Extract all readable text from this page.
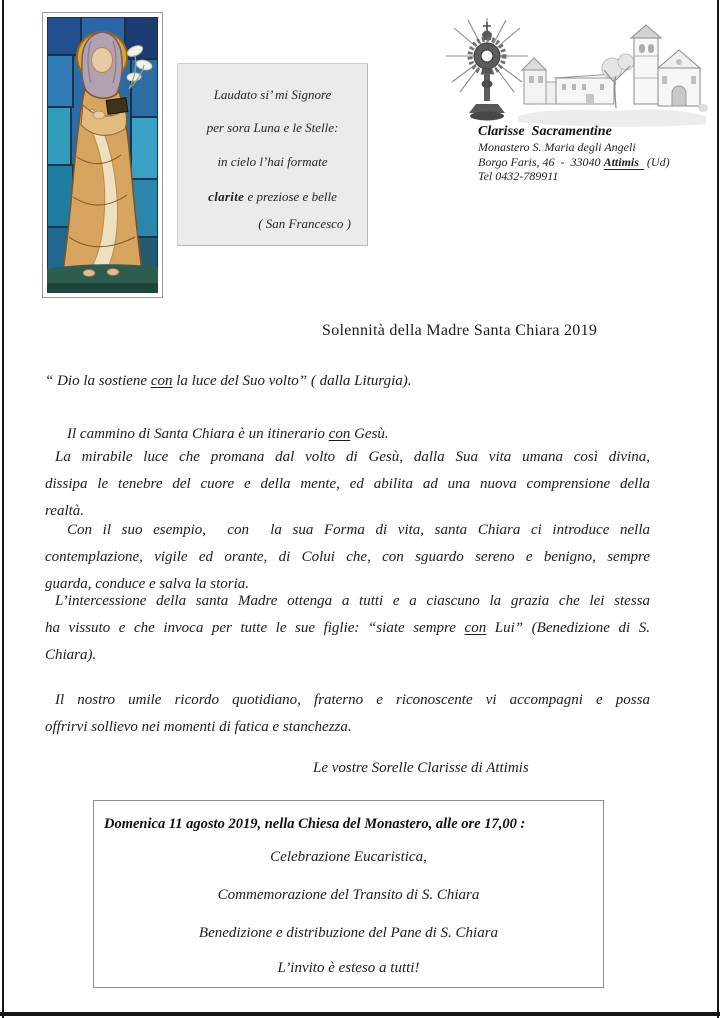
Laudato si’ mi Signore
per sora Luna e le Stelle:
in cielo l’hai formate
clarite e preziose e belle
( San Francesco )
Clarisse  Sacramentine
Monastero S. Maria degli Angeli
Borgo Faris, 46  -  33040 Attimis (Ud)
Tel 0432-789911
Solennità della Madre Santa Chiara 2019
“ Dio la sostiene con la luce del Suo volto” ( dalla Liturgia).
Il cammino di Santa Chiara è un itinerario con Gesù.
La mirabile luce che promana dal volto di Gesù, dalla Sua vita umana così divina,
dissipa le tenebre del cuore e della mente, ed abilita ad una nuova comprensione della
realtà.
Con il suo esempio,  con  la sua Forma di vita, santa Chiara ci introduce nella
contemplazione, vigile ed orante, di Colui che, con sguardo sereno e benigno, sempre
guarda, conduce e salva la storia.
L’intercessione della santa Madre ottenga a tutti e a ciascuno la grazia che lei stessa
ha vissuto e che invoca per tutte le sue figlie: “siate sempre con Lui” (Benedizione di S.
Chiara).
Il nostro umile ricordo quotidiano, fraterno e riconoscente vi accompagni e possa
offrirvi sollievo nei momenti di fatica e stanchezza.
Le vostre Sorelle Clarisse di Attimis
Domenica 11 agosto 2019, nella Chiesa del Monastero, alle ore 17,00 :
Celebrazione Eucaristica,
Commemorazione del Transito di S. Chiara
Benedizione e distribuzione del Pane di S. Chiara
L’invito è esteso a tutti!
